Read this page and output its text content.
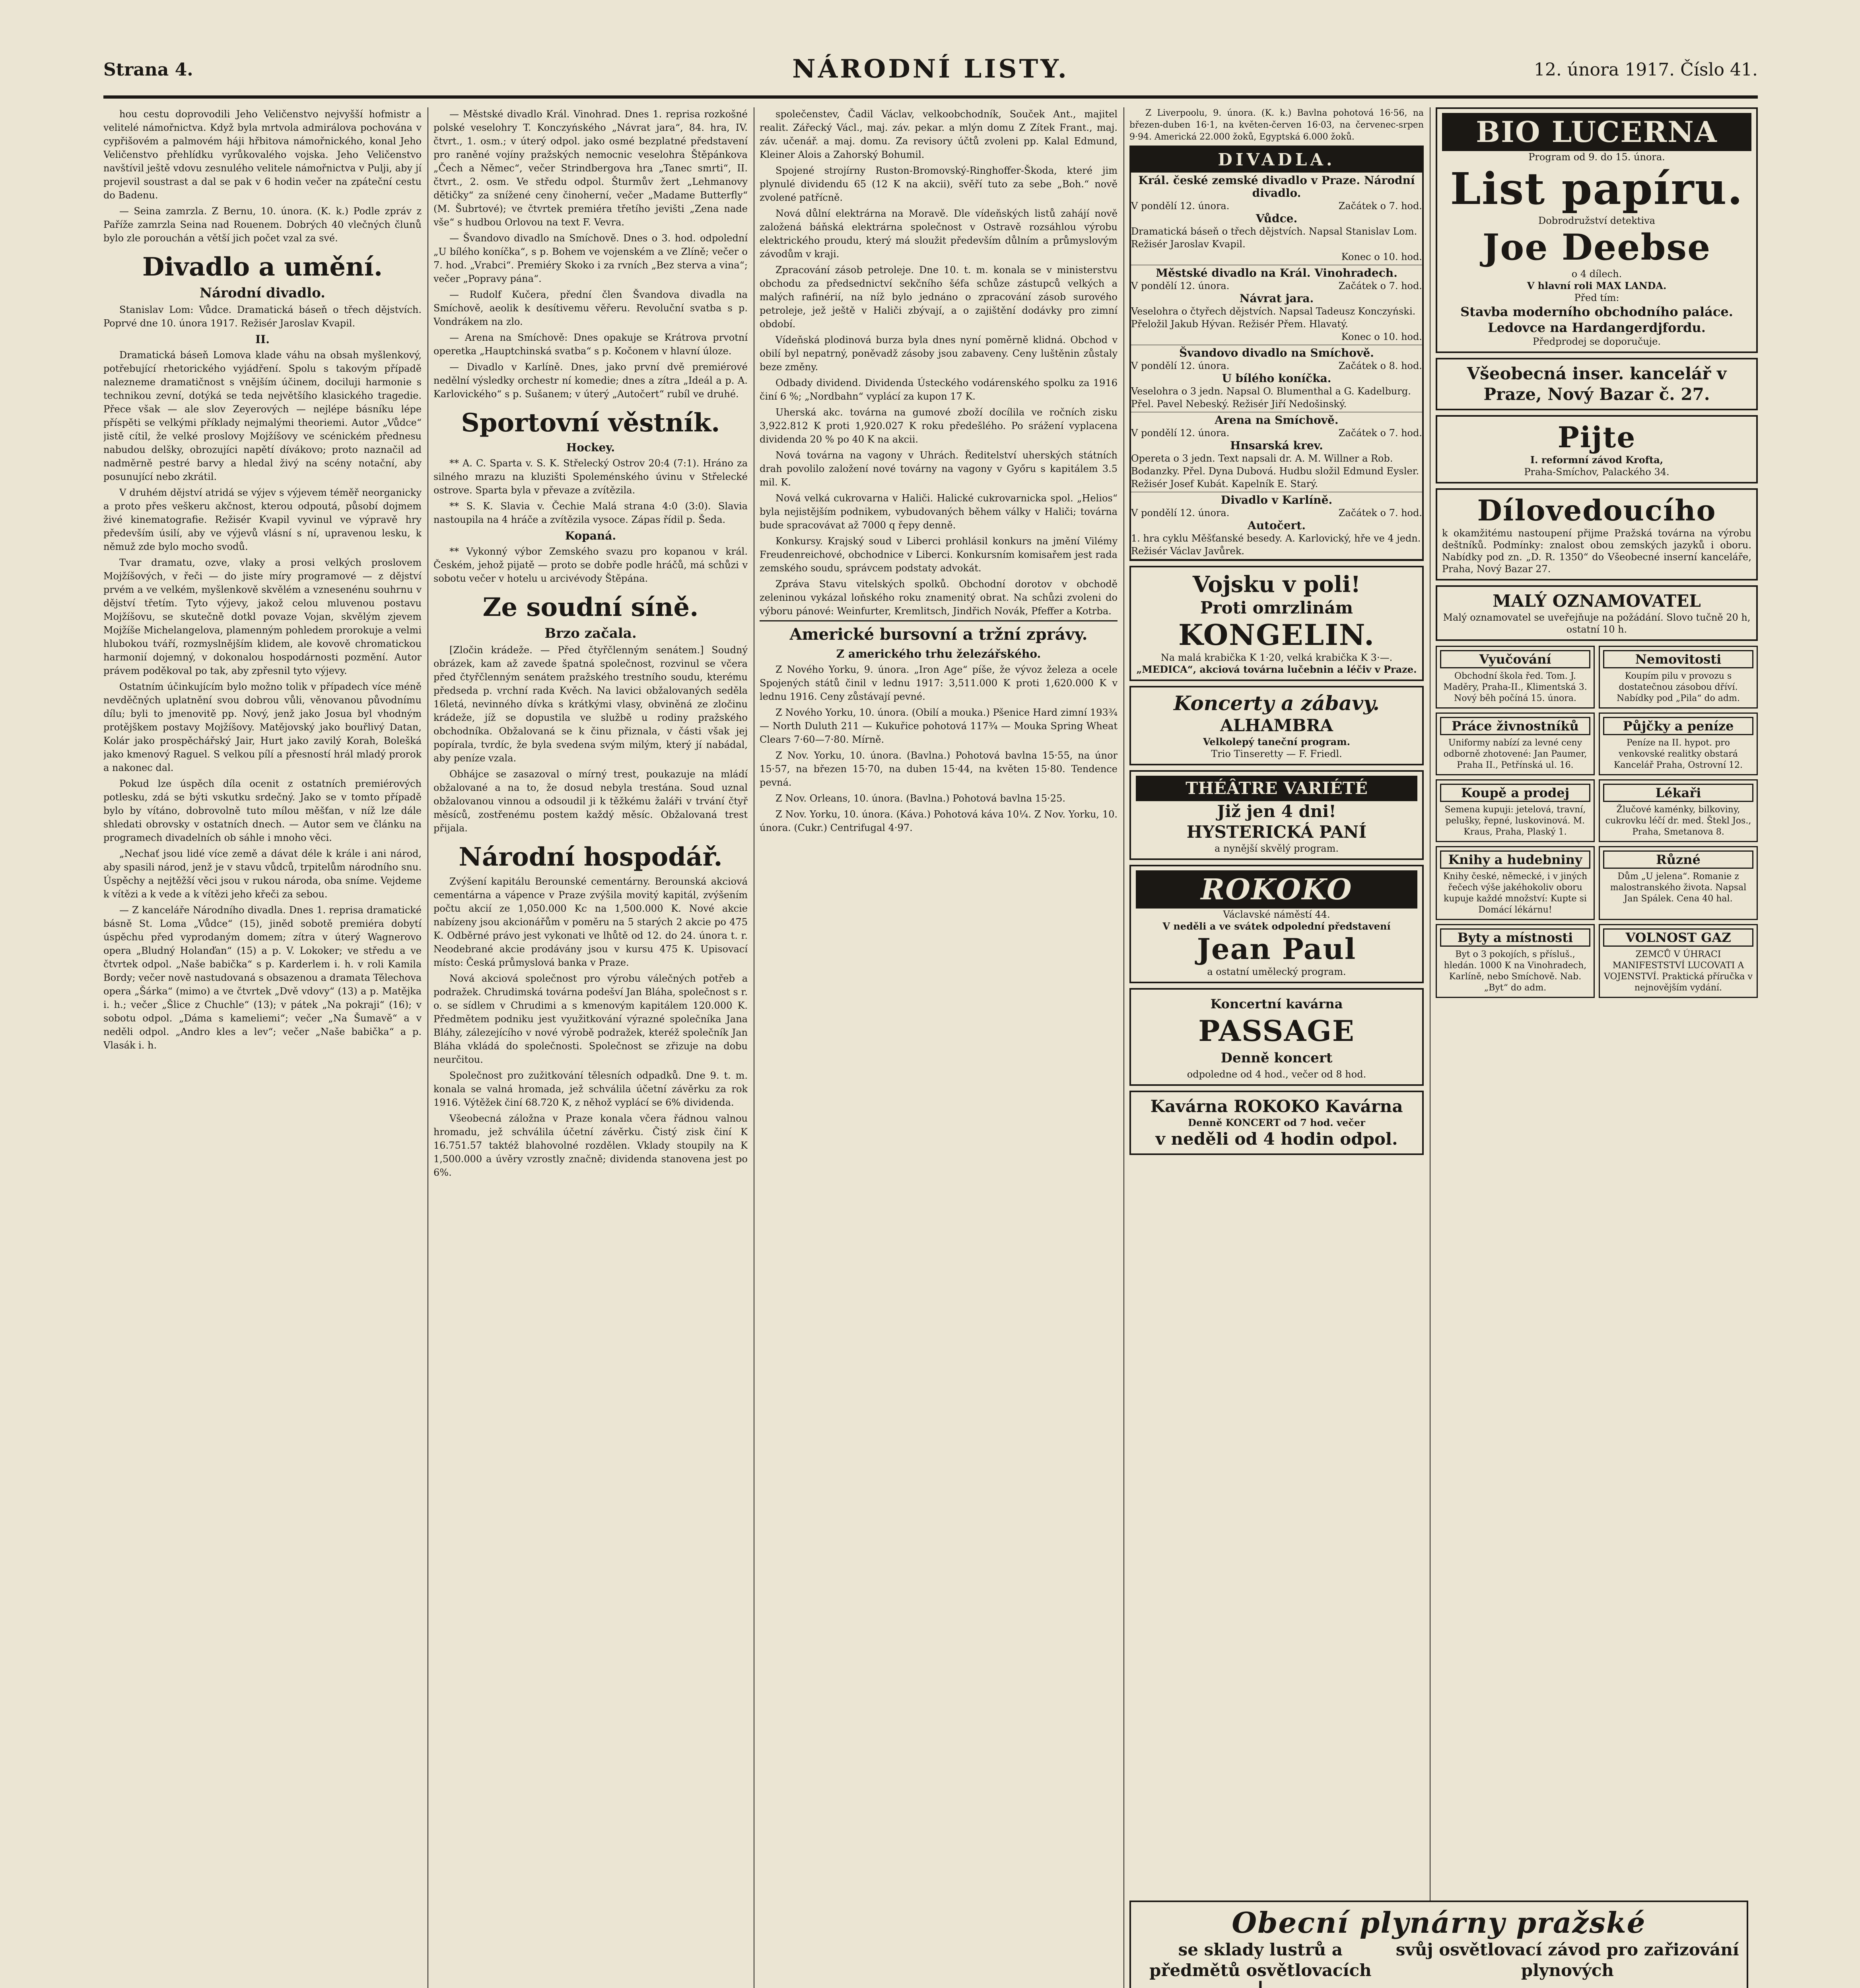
Strana 4.	NÁRODNÍ LISTY.	12. února 1917. Číslo 41.

hou cestu doprovodili Jeho Veličenstvo nejvyšší hofmistr a velitelé námořnictva. Když byla mrtvola admirálova pochována v cypřišovém a palmovém háji hřbitova námořnického, konal Jeho Veličenstvo přehlídku vyrůkovalého vojska. Jeho Veličenstvo navštívil ještě vdovu zesnulého velitele námořnictva v Pulji, aby jí projevil soustrast a dal se pak v 6 hodin večer na zpáteční cestu do Badenu.

— Seina zamrzla. Z Bernu, 10. února. (K. k.) Podle zpráv z Paříže zamrzla Seina nad Rouenem. Dobrých 40 vlečných člunů bylo zle porouchán a větší jich počet vzal za své.

Divadlo a umění.
Národní divadlo.

Stanislav Lom: Vůdce. Dramatická báseň o třech dějstvích. Poprvé dne 10. února 1917. Režisér Jaroslav Kvapil.

II.

Dramatická báseň Lomova klade váhu na obsah myšlenkový, potřebující rhetorického vyjádření. Spolu s takovým případě nalezneme dramatičnost s vnějším účinem, dociluji harmonie s technikou zevní, dotýká se teda největšího klasického tragedie. Přece však — ale slov Zeyerových — nejlépe básníku lépe příspěti se velkými příklady nejmalými theoriemi. Autor „Vůdce“ jistě cítil, že velké proslovy Mojžíšovy ve scénickém přednesu nabudou delšky, obrozujíci napětí dívákovo; proto naznačil ad nadměrně pestré barvy a hledal živý na scény notační, aby posunující nebo zkrátil.

V druhém dějství atridá se výjev s výjevem téměř neorganicky a proto přes veškeru akčnost, kterou odpoutá, působí dojmem živé kinematografie. Režisér Kvapil vyvinul ve výpravě hry především úsilí, aby ve výjevů vlásní s ní, upravenou lesku, k němuž zde bylo mocho svodů.

Tvar dramatu, ozve, vlaky a prosi velkých proslovem Mojžíšových, v řeči — do jiste míry programové — z dějství prvém a ve velkém, myšlenkově skvělém a vznesenénu souhrnu v dějství třetím. Tyto výjevy, jakož celou mluvenou postavu Mojžíšovu, se skutečně dotkl povaze Vojan, skvělým zjevem Mojžíše Michelangelova, plamenným pohledem prorokuje a velmi hlubokou tváří, rozmyslnějším klidem, ale kovově chromatickou harmonií dojemný, v dokonalou hospodárnosti pozmění. Autor právem poděkoval po tak, aby zpřesnil tyto výjevy.

Ostatním účinkujícím bylo možno tolik v případech více méně nevděčných uplatnění svou dobrou vůli, věnovanou původnímu dílu; byli to jmenovitě pp. Nový, jenž jako Josua byl vhodným protějškem postavy Mojžíšovy. Matějovský jako bouřlivý Datan, Kolár jako prospěchářský Jair, Hurt jako zavilý Korah, Bolešká jako kmenový Raguel. S velkou pílí a přesností hrál mladý prorok a nakonec dal.

Pokud lze úspěch díla ocenit z ostatních premiérových potlesku, zdá se býti vskutku srdečný. Jako se v tomto případě bylo by vítáno, dobrovolně tuto mílou měšťan, v níž lze dále shledati obrovsky v ostatních dnech. — Autor sem ve článku na programech divadelních ob sáhle i mnoho věci.

„Nechať jsou lidé více země a dávat déle k krále i ani národ, aby spasili národ, jenž je v stavu vůdců, trpitelům národního snu. Úspěchy a nejtěžší věci jsou v rukou národa, oba sníme. Vejdeme k vítězi a k vede a k vítězi jeho křeči za sebou.

— Z kanceláře Národního divadla. Dnes 1. reprisa dramatické básně St. Loma „Vůdce“ (15), jiněd sobotě premiéra dobytí úspěchu před vyprodaným domem; zítra v úterý Wagnerovo opera „Bludný Holanďan“ (15) a p. V. Lokoker; ve středu a ve čtvrtek odpol. „Naše babička“ s p. Karderlem i. h. v roli Kamila Bordy; večer nově nastudovaná s obsazenou a dramata Tělechova opera „Šárka“ (mimo) a ve čtvrtek „Dvě vdovy“ (13) a p. Matějka i. h.; večer „Šlice z Chuchle“ (13); v pátek „Na pokraji“ (16); v sobotu odpol. „Dáma s kameliemi“; večer „Na Šumavě“ a v neděli odpol. „Andro kles a lev“; večer „Naše babička“ a p. Vlasák i. h.

— Městské divadlo Král. Vinohrad. Dnes 1. reprisa rozkošné polské veselohry T. Konczyńského „Návrat jara“, 84. hra, IV. čtvrt., 1. osm.; v úterý odpol. jako osmé bezplatné představení pro raněné vojíny pražských nemocnic veselohra Štěpánkova „Čech a Němec“, večer Strindbergova hra „Tanec smrti“, II. čtvrt., 2. osm. Ve středu odpol. Šturmův žert „Lehmanovy dětičky“ za snížené ceny činoherní, večer „Madame Butterfly“ (M. Šubrtové); ve čtvrtek premiéra třetího jevišti „Zena nade vše“ s hudbou Orlovou na text F. Vevra.

— Švandovo divadlo na Smíchově. Dnes o 3. hod. odpolední „U bílého koníčka“, s p. Bohem ve vojenském a ve Zlíně; večer o 7. hod. „Vrabci“. Premiéry Skoko i za rvních „Bez sterva a vina“; večer „Popravy pána“.

— Rudolf Kučera, přední člen Švandova divadla na Smíchově, aeolik k desítivemu věřeru. Revoluční svatba s p. Vondrákem na zlo.

— Arena na Smíchově: Dnes opakuje se Krátrova prvotní operetka „Hauptchinská svatba“ s p. Kočonem v hlavní úloze.

— Divadlo v Karlíně. Dnes, jako první dvě premiérové nedělní výsledky orchestr ní komedie; dnes a zítra „Ideál a p. A. Karlovického“ s p. Sušanem; v úterý „Autočert“ rubíl ve druhé.

Sportovní věstník.
Hockey.

** A. C. Sparta v. S. K. Střelecký Ostrov 20:4 (7:1). Hráno za silného mrazu na kluzišti Spoleménského úvinu v Střelecké ostrove. Sparta byla v převaze a zvítězila.

** S. K. Slavia v. Čechie Malá strana 4:0 (3:0). Slavia nastoupila na 4 hráče a zvítězila vysoce. Zápas řídil p. Šeda.

Kopaná.

** Vykonný výbor Zemského svazu pro kopanou v král. Českém, jehož pijatě — proto se dobře podle hráčů, má schůzi v sobotu večer v hotelu u arcivévody Štěpána.

Ze soudní síně.
Brzo začala.

[Zločin krádeže. — Před čtyřčlenným senátem.] Soudný obrázek, kam až zavede špatná společnost, rozvinul se včera před čtyřčlenným senátem pražského trestního soudu, kterému předseda p. vrchní rada Kvěch. Na lavici obžalovaných seděla 16letá, nevinného dívka s krátkými vlasy, obviněná ze zločinu krádeže, jíž se dopustila ve službě u rodiny pražského obchodníka. Obžalovaná se k činu přiznala, v části však jej popírala, tvrdíc, že byla svedena svým milým, který jí nabádal, aby peníze vzala.

Obhájce se zasazoval o mírný trest, poukazuje na mládí obžalované a na to, že dosud nebyla trestána. Soud uznal obžalovanou vinnou a odsoudil ji k těžkému žaláři v trvání čtyř měsíců, zostřenému postem každý měsíc. Obžalovaná trest přijala.

Národní hospodář.

Zvýšení kapitálu Berounské cementárny. Berounská akciová cementárna a vápence v Praze zvýšila movitý kapitál, zvýšením počtu akcií ze 1,050.000 Kc na 1,500.000 K. Nové akcie nabízeny jsou akcionářům v poměru na 5 starých 2 akcie po 475 K. Odběrné právo jest vykonati ve lhůtě od 12. do 24. února t. r. Neodebrané akcie prodávány jsou v kursu 475 K. Upisovací místo: Česká průmyslová banka v Praze.

Nová akciová společnost pro výrobu válečných potřeb a podražek. Chrudimská továrna podešví Jan Bláha, společnost s r. o. se sídlem v Chrudimi a s kmenovým kapitálem 120.000 K. Předmětem podniku jest využitkování výrazné společníka Jana Bláhy, zálezejícího v nové výrobě podražek, kteréž společník Jan Bláha vkládá do společnosti. Společnost se zřizuje na dobu neurčitou.

Společnost pro zužitkování tělesních odpadků. Dne 9. t. m. konala se valná hromada, jež schválila účetní závěrku za rok 1916. Výtěžek činí 68.720 K, z něhož vyplácí se 6% dividenda.

Všeobecná záložna v Praze konala včera řádnou valnou hromadu, jež schválila účetní závěrku. Čistý zisk činí K 16.751.57 taktéž blahovolné rozdělen. Vklady stoupily na K 1,500.000 a úvěry vzrostly značně; dividenda stanovena jest po 6%.

společenstev, Čadil Václav, velkoobchodník, Souček Ant., majitel realit. Zářecký Václ., maj. záv. pekar. a mlýn domu Z Zítek Frant., maj. záv. učenář. a maj. domu. Za revisory účtů zvoleni pp. Kalal Edmund, Kleiner Alois a Zahorský Bohumil.

Spojené strojírny Ruston-Bromovský-Ringhoffer-Škoda, které jim plynulé dividendu 65 (12 K na akcii), svěří tuto za sebe „Boh.“ nově zvolené patřícně.

Nová důlní elektrárna na Moravě. Dle vídeňských listů zahájí nově založená báňská elektrárna společnost v Ostravě rozsáhlou výrobu elektrického proudu, který má sloužit především důlním a průmyslovým závodům v kraji.

Zpracování zásob petroleje. Dne 10. t. m. konala se v ministerstvu obchodu za předsednictví sekčního šéfa schůze zástupců velkých a malých rafinérií, na níž bylo jednáno o zpracování zásob surového petroleje, jež ještě v Haliči zbývají, a o zajištění dodávky pro zimní období.

Vídeňská plodinová burza byla dnes nyní poměrně klidná. Obchod v obilí byl nepatrný, poněvadž zásoby jsou zabaveny. Ceny luštěnin zůstaly beze změny.

Odbady dividend. Dividenda Ústeckého vodárenského spolku za 1916 činí 6 %; „Nordbahn“ vyplácí za kupon 17 K.

Uherská akc. továrna na gumové zboží docílila ve ročních zisku 3,922.812 K proti 1,920.027 K roku předešlého. Po srážení vyplacena dividenda 20 % po 40 K na akcii.

Nová továrna na vagony v Uhrách. Ředitelství uherských státních drah povolilo založení nové továrny na vagony v Győru s kapitálem 3.5 mil. K.

Nová velká cukrovarna v Haliči. Halické cukrovarnicka spol. „Helios“ byla nejistějším podnikem, vybudovaných během války v Haliči; továrna bude spracovávat až 7000 q řepy denně.

Konkursy. Krajský soud v Liberci prohlásil konkurs na jmění Vilémy Freudenreichové, obchodnice v Liberci. Konkursním komisařem jest rada zemského soudu, správcem podstaty advokát.

Zpráva Stavu vitelských spolků. Obchodní dorotov v obchodě zeleninou vykázal loňského roku znamenitý obrat. Na schůzi zvoleni do výboru pánové: Weinfurter, Kremlitsch, Jindřich Novák, Pfeffer a Kotrba.

Americké bursovní a tržní zprávy.
Z amerického trhu železářského.

Z Nového Yorku, 9. února. „Iron Age“ píše, že vývoz železa a ocele Spojených států činil v lednu 1917: 3,511.000 K proti 1,620.000 K v lednu 1916. Ceny zůstávají pevné.

Z Nového Yorku, 10. února. (Obilí a mouka.) Pšenice Hard zimní 193¾ — North Duluth 211 — Kukuřice pohotová 117¾ — Mouka Spring Wheat Clears 7·60—7·80. Mírně.

Z Nov. Yorku, 10. února. (Bavlna.) Pohotová bavlna 15·55, na únor 15·57, na březen 15·70, na duben 15·44, na květen 15·80. Tendence pevná.

Z Nov. Orleans, 10. února. (Bavlna.) Pohotová bavlna 15·25.

Z Nov. Yorku, 10. února. (Káva.) Pohotová káva 10¼. Z Nov. Yorku, 10. února. (Cukr.) Centrifugal 4·97.

Z Liverpoolu, 9. února. (K. k.) Bavlna pohotová 16·56, na březen-duben 16·1, na květen-červen 16·03, na červenec-srpen 9·94. Americká 22.000 žoků, Egyptská 6.000 žoků.

DIVADLA.
Král. české zemské divadlo v Praze. Národní divadlo.
V pondělí 12. února.	Začátek o 7. hod.
Vůdce.
Dramatická báseň o třech dějstvích. Napsal Stanislav Lom. Režisér Jaroslav Kvapil.
Konec o 10. hod.
Městské divadlo na Král. Vinohradech.
V pondělí 12. února.	Začátek o 7. hod.
Návrat jara.
Veselohra o čtyřech dějstvích. Napsal Tadeusz Konczyński. Přeložil Jakub Hývan. Režisér Přem. Hlavatý.
Konec o 10. hod.
Švandovo divadlo na Smíchově.
V pondělí 12. února.	Začátek o 8. hod.
U bílého koníčka.
Veselohra o 3 jedn. Napsal O. Blumenthal a G. Kadelburg. Přel. Pavel Nebeský. Režisér Jiří Nedošinský.
Arena na Smíchově.
V pondělí 12. února.	Začátek o 7. hod.
Hnsarská krev.
Opereta o 3 jedn. Text napsali dr. A. M. Willner a Rob. Bodanzky. Přel. Dyna Dubová. Hudbu složil Edmund Eysler. Režisér Josef Kubát. Kapelník E. Starý.
Divadlo v Karlíně.
V pondělí 12. února.	Začátek o 7. hod.
Autočert.
1. hra cyklu Měšťanské besedy. A. Karlovický, hře ve 4 jedn. Režisér Václav Javůrek.
Vojsku v poli!
Proti omrzlinám
KONGELIN.
Na malá krabička K 1·20, velká krabička K 3·—.
„MEDICA“, akciová továrna lučebnin a léčiv v Praze.
Koncerty a zábavy.
ALHAMBRA
Velkolepý taneční program.
Trio Tinseretty — F. Friedl.
THÉÂTRE VARIÉTÉ
Již jen 4 dni!
HYSTERICKÁ PANÍ
a nynější skvělý program.
ROKOKO
Václavské náměstí 44.
V neděli a ve svátek odpolední představení
Jean Paul
a ostatní umělecký program.
Koncertní kavárna
PASSAGE
Denně koncert
odpoledne od 4 hod., večer od 8 hod.
Kavárna ROKOKO Kavárna
Denně KONCERT od 7 hod. večer
v neděli od 4 hodin odpol.
Obecní plynárny pražské
se sklady lustrů a předmětů osvětlovacích
svůj osvětlovací závod pro zařizování plynových
BIO LUCERNA
Program od 9. do 15. února.
List papíru.
Dobrodružství detektiva
Joe Deebse
o 4 dílech.
V hlavní roli MAX LANDA.
Před tím:
Stavba moderního obchodního paláce.
Ledovce na Hardangerdjfordu.
Předprodej se doporučuje.
Všeobecná inser. kancelář v Praze, Nový Bazar č. 27.
Pijte
I. reformní závod Krofta,
Praha-Smíchov, Palackého 34.
Dílovedoucího
k okamžitému nastoupení přijme Pražská továrna na výrobu deštníků. Podmínky: znalost obou zemských jazyků i oboru. Nabídky pod zn. „D. R. 1350“ do Všeobecné inserní kanceláře, Praha, Nový Bazar 27.
MALÝ OZNAMOVATEL
Malý oznamovatel se uveřejňuje na požádání. Slovo tučně 20 h, ostatní 10 h.
Vyučování
Obchodní škola řed. Tom. J. Maděry, Praha-II., Klimentská 3. Nový běh počíná 15. února.
Nemovitosti
Koupím pilu v provozu s dostatečnou zásobou dříví. Nabídky pod „Pila“ do adm.
Práce živnostníků
Uniformy nabízí za levné ceny odborně zhotovené: Jan Paumer, Praha II., Petřínská ul. 16.
Půjčky a peníze
Peníze na II. hypot. pro venkovské realitky obstará Kancelář Praha, Ostrovní 12.
Koupě a prodej
Semena kupuji: jetelová, travní, pelušky, řepné, luskovinová. M. Kraus, Praha, Plaský 1.
Lékaři
Žlučové kaménky, bilkoviny, cukrovku léčí dr. med. Štekl Jos., Praha, Smetanova 8.
Knihy a hudebniny
Knihy české, německé, i v jiných řečech výše jakéhokoliv oboru kupuje každé množství: Kupte si Domácí lékárnu!
Různé
Dům „U jelena“. Romanie z malostranského života. Napsal Jan Spálek. Cena 40 hal.
Byty a místnosti
Byt o 3 pokojích, s přísluš., hledán. 1000 K na Vinohradech, Karlíně, nebo Smíchově. Nab. „Byt“ do adm.
VOLNOST GAZ
ZEMCŮ V ÚHRACI MANIFESTSTVÍ LUCOVATI A VOJENSTVÍ. Praktická příručka v nejnovějším vydání.
